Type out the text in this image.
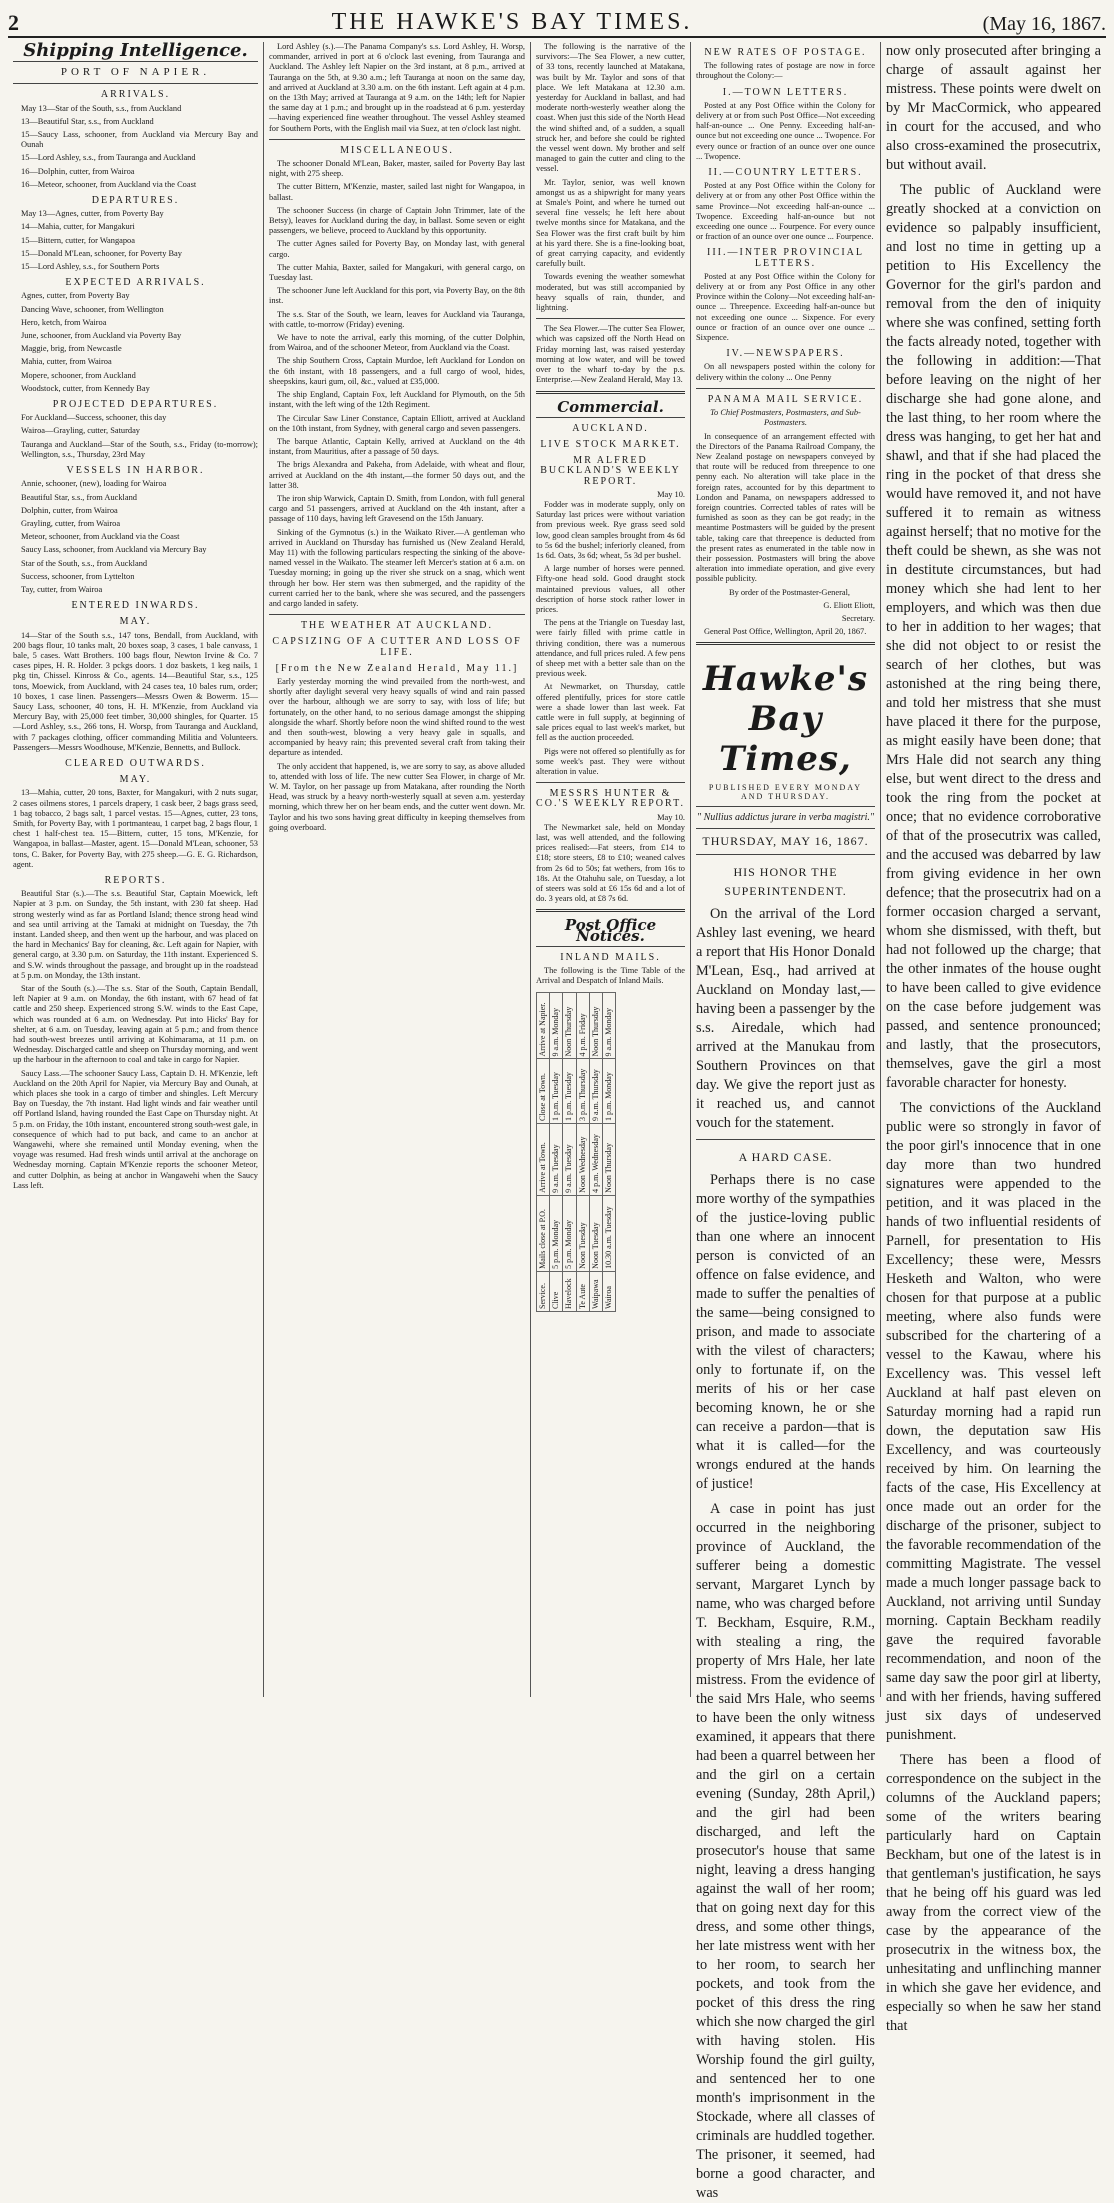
2	THE HAWKE'S BAY TIMES.	(May 16, 1867.
Shipping Intelligence.
PORT OF NAPIER.
ARRIVALS.

May 13—Star of the South, s.s., from Auckland

13—Beautiful Star, s.s., from Auckland

15—Saucy Lass, schooner, from Auckland via Mercury Bay and Ounah

15—Lord Ashley, s.s., from Tauranga and Auckland

16—Dolphin, cutter, from Wairoa

16—Meteor, schooner, from Auckland via the Coast

DEPARTURES.

May 13—Agnes, cutter, from Poverty Bay

14—Mahia, cutter, for Mangakuri

15—Bittern, cutter, for Wangapoa

15—Donald M'Lean, schooner, for Poverty Bay

15—Lord Ashley, s.s., for Southern Ports

EXPECTED ARRIVALS.

Agnes, cutter, from Poverty Bay

Dancing Wave, schooner, from Wellington

Hero, ketch, from Wairoa

June, schooner, from Auckland via Poverty Bay

Maggie, brig, from Newcastle

Mahia, cutter, from Wairoa

Mopere, schooner, from Auckland

Woodstock, cutter, from Kennedy Bay

PROJECTED DEPARTURES.

For Auckland—Success, schooner, this day

Wairoa—Grayling, cutter, Saturday

Tauranga and Auckland—Star of the South, s.s., Friday (to-morrow); Wellington, s.s., Thursday, 23rd May

VESSELS IN HARBOR.

Annie, schooner, (new), loading for Wairoa

Beautiful Star, s.s., from Auckland

Dolphin, cutter, from Wairoa

Grayling, cutter, from Wairoa

Meteor, schooner, from Auckland via the Coast

Saucy Lass, schooner, from Auckland via Mercury Bay

Star of the South, s.s., from Auckland

Success, schooner, from Lyttelton

Tay, cutter, from Wairoa

ENTERED INWARDS.
MAY.

14—Star of the South s.s., 147 tons, Bendall, from Auckland, with 200 bags flour, 10 tanks malt, 20 boxes soap, 3 cases, 1 bale canvass, 1 bale, 5 cases. Watt Brothers. 100 bags flour, Newton Irvine & Co. 7 cases pipes, H. R. Holder. 3 pckgs doors. 1 doz baskets, 1 keg nails, 1 pkg tin, Chissel. Kinross & Co., agents. 14—Beautiful Star, s.s., 125 tons, Moewick, from Auckland, with 24 cases tea, 10 bales rum, order; 10 boxes, 1 case linen. Passengers—Messrs Owen & Bowerm. 15—Saucy Lass, schooner, 40 tons, H. H. M'Kenzie, from Auckland via Mercury Bay, with 25,000 feet timber, 30,000 shingles, for Quarter. 15—Lord Ashley, s.s., 266 tons, H. Worsp, from Tauranga and Auckland, with 7 packages clothing, officer commanding Militia and Volunteers. Passengers—Messrs Woodhouse, M'Kenzie, Bennetts, and Bullock.

CLEARED OUTWARDS.
MAY.

13—Mahia, cutter, 20 tons, Baxter, for Mangakuri, with 2 nuts sugar, 2 cases oilmens stores, 1 parcels drapery, 1 cask beer, 2 bags grass seed, 1 bag tobacco, 2 bags salt, 1 parcel vestas. 15—Agnes, cutter, 23 tons, Smith, for Poverty Bay, with 1 portmanteau, 1 carpet bag, 2 bags flour, 1 chest 1 half-chest tea. 15—Bittern, cutter, 15 tons, M'Kenzie, for Wangapoa, in ballast—Master, agent. 15—Donald M'Lean, schooner, 53 tons, C. Baker, for Poverty Bay, with 275 sheep.—G. E. G. Richardson, agent.

REPORTS.

Beautiful Star (s.).—The s.s. Beautiful Star, Captain Moewick, left Napier at 3 p.m. on Sunday, the 5th instant, with 230 fat sheep. Had strong westerly wind as far as Portland Island; thence strong head wind and sea until arriving at the Tamaki at midnight on Tuesday, the 7th instant. Landed sheep, and then went up the harbour, and was placed on the hard in Mechanics' Bay for cleaning, &c. Left again for Napier, with general cargo, at 3.30 p.m. on Saturday, the 11th instant. Experienced S. and S.W. winds throughout the passage, and brought up in the roadstead at 5 p.m. on Monday, the 13th instant.

Star of the South (s.).—The s.s. Star of the South, Captain Bendall, left Napier at 9 a.m. on Monday, the 6th instant, with 67 head of fat cattle and 250 sheep. Experienced strong S.W. winds to the East Cape, which was rounded at 6 a.m. on Wednesday. Put into Hicks' Bay for shelter, at 6 a.m. on Tuesday, leaving again at 5 p.m.; and from thence had south-west breezes until arriving at Kohimarama, at 11 p.m. on Wednesday. Discharged cattle and sheep on Thursday morning, and went up the harbour in the afternoon to coal and take in cargo for Napier.

Saucy Lass.—The schooner Saucy Lass, Captain D. H. M'Kenzie, left Auckland on the 20th April for Napier, via Mercury Bay and Ounah, at which places she took in a cargo of timber and shingles. Left Mercury Bay on Tuesday, the 7th instant. Had light winds and fair weather until off Portland Island, having rounded the East Cape on Thursday night. At 5 p.m. on Friday, the 10th instant, encountered strong south-west gale, in consequence of which had to put back, and came to an anchor at Wangawehi, where she remained until Monday evening, when the voyage was resumed. Had fresh winds until arrival at the anchorage on Wednesday morning. Captain M'Kenzie reports the schooner Meteor, and cutter Dolphin, as being at anchor in Wangawehi when the Saucy Lass left.

Lord Ashley (s.).—The Panama Company's s.s. Lord Ashley, H. Worsp, commander, arrived in port at 6 o'clock last evening, from Tauranga and Auckland. The Ashley left Napier on the 3rd instant, at 8 p.m., arrived at Tauranga on the 5th, at 9.30 a.m.; left Tauranga at noon on the same day, and arrived at Auckland at 3.30 a.m. on the 6th instant. Left again at 4 p.m. on the 13th May; arrived at Tauranga at 9 a.m. on the 14th; left for Napier the same day at 1 p.m.; and brought up in the roadstead at 6 p.m. yesterday—having experienced fine weather throughout. The vessel Ashley steamed for Southern Ports, with the English mail via Suez, at ten o'clock last night.

MISCELLANEOUS.

The schooner Donald M'Lean, Baker, master, sailed for Poverty Bay last night, with 275 sheep.

The cutter Bittern, M'Kenzie, master, sailed last night for Wangapoa, in ballast.

The schooner Success (in charge of Captain John Trimmer, late of the Betsy), leaves for Auckland during the day, in ballast. Some seven or eight passengers, we believe, proceed to Auckland by this opportunity.

The cutter Agnes sailed for Poverty Bay, on Monday last, with general cargo.

The cutter Mahia, Baxter, sailed for Mangakuri, with general cargo, on Tuesday last.

The schooner June left Auckland for this port, via Poverty Bay, on the 8th inst.

The s.s. Star of the South, we learn, leaves for Auckland via Tauranga, with cattle, to-morrow (Friday) evening.

We have to note the arrival, early this morning, of the cutter Dolphin, from Wairoa, and of the schooner Meteor, from Auckland via the Coast.

The ship Southern Cross, Captain Murdoe, left Auckland for London on the 6th instant, with 18 passengers, and a full cargo of wool, hides, sheepskins, kauri gum, oil, &c., valued at £35,000.

The ship England, Captain Fox, left Auckland for Plymouth, on the 5th instant, with the left wing of the 12th Regiment.

The Circular Saw Liner Constance, Captain Elliott, arrived at Auckland on the 10th instant, from Sydney, with general cargo and seven passengers.

The barque Atlantic, Captain Kelly, arrived at Auckland on the 4th instant, from Mauritius, after a passage of 50 days.

The brigs Alexandra and Pakeha, from Adelaide, with wheat and flour, arrived at Auckland on the 4th instant,—the former 50 days out, and the latter 38.

The iron ship Warwick, Captain D. Smith, from London, with full general cargo and 51 passengers, arrived at Auckland on the 4th instant, after a passage of 110 days, having left Gravesend on the 15th January.

Sinking of the Gymnotus (s.) in the Waikato River.—A gentleman who arrived in Auckland on Thursday has furnished us (New Zealand Herald, May 11) with the following particulars respecting the sinking of the above-named vessel in the Waikato. The steamer left Mercer's station at 6 a.m. on Tuesday morning; in going up the river she struck on a snag, which went through her bow. Her stern was then submerged, and the rapidity of the current carried her to the bank, where she was secured, and the passengers and cargo landed in safety.

THE WEATHER AT AUCKLAND.
CAPSIZING OF A CUTTER AND LOSS OF LIFE.
[From the New Zealand Herald, May 11.]

Early yesterday morning the wind prevailed from the north-west, and shortly after daylight several very heavy squalls of wind and rain passed over the harbour, although we are sorry to say, with loss of life; but fortunately, on the other hand, to no serious damage amongst the shipping alongside the wharf. Shortly before noon the wind shifted round to the west and then south-west, blowing a very heavy gale in squalls, and accompanied by heavy rain; this prevented several craft from taking their departure as intended.

The only accident that happened, is, we are sorry to say, as above alluded to, attended with loss of life. The new cutter Sea Flower, in charge of Mr. W. M. Taylor, on her passage up from Matakana, after rounding the North Head, was struck by a heavy north-westerly squall at seven a.m. yesterday morning, which threw her on her beam ends, and the cutter went down. Mr. Taylor and his two sons having great difficulty in keeping themselves from going overboard.

The following is the narrative of the survivors:—The Sea Flower, a new cutter, of 33 tons, recently launched at Matakana, was built by Mr. Taylor and sons of that place. We left Matakana at 12.30 a.m. yesterday for Auckland in ballast, and had moderate north-westerly weather along the coast. When just this side of the North Head the wind shifted and, of a sudden, a squall struck her, and before she could be righted the vessel went down. My brother and self managed to gain the cutter and cling to the vessel.

Mr. Taylor, senior, was well known amongst us as a shipwright for many years at Smale's Point, and where he turned out several fine vessels; he left here about twelve months since for Matakana, and the Sea Flower was the first craft built by him at his yard there. She is a fine-looking boat, of great carrying capacity, and evidently carefully built.

Towards evening the weather somewhat moderated, but was still accompanied by heavy squalls of rain, thunder, and lightning.

The Sea Flower.—The cutter Sea Flower, which was capsized off the North Head on Friday morning last, was raised yesterday morning at low water, and will be towed over to the wharf to-day by the p.s. Enterprise.—New Zealand Herald, May 13.

Commercial.
AUCKLAND.
LIVE STOCK MARKET.
MR ALFRED BUCKLAND'S WEEKLY REPORT.
May 10.

Fodder was in moderate supply, only on Saturday last prices were without variation from previous week. Rye grass seed sold low, good clean samples brought from 4s 6d to 5s 6d the bushel; inferiorly cleaned, from 1s 6d. Oats, 3s 6d; wheat, 5s 3d per bushel.

A large number of horses were penned. Fifty-one head sold. Good draught stock maintained previous values, all other description of horse stock rather lower in prices.

The pens at the Triangle on Tuesday last, were fairly filled with prime cattle in thriving condition, there was a numerous attendance, and full prices ruled. A few pens of sheep met with a better sale than on the previous week.

At Newmarket, on Thursday, cattle offered plentifully, prices for store cattle were a shade lower than last week. Fat cattle were in full supply, at beginning of sale prices equal to last week's market, but fell as the auction proceeded.

Pigs were not offered so plentifully as for some week's past. They were without alteration in value.

MESSRS HUNTER & CO.'S WEEKLY REPORT.
May 10.

The Newmarket sale, held on Monday last, was well attended, and the following prices realised:—Fat steers, from £14 to £18; store steers, £8 to £10; weaned calves from 2s 6d to 50s; fat wethers, from 16s to 18s. At the Otahuhu sale, on Tuesday, a lot of steers was sold at £6 15s 6d and a lot of do. 3 years old, at £8 7s 6d.

Post Office Notices.
INLAND MAILS.

The following is the Time Table of the Arrival and Despatch of Inland Mails.

Service.	Mails close at P.O.	Arrive at Town.	Close at Town.	Arrive at Napier.
Clive	5 p.m. Monday	9 a.m. Tuesday	1 p.m. Tuesday	9 a.m. Monday
Havelock	5 p.m. Monday	9 a.m. Tuesday	1 p.m. Tuesday	Noon Thursday
Te Aute	Noon Tuesday	Noon Wednesday	3 p.m. Thursday	4 p.m. Friday
Waipawa	Noon Tuesday	4 p.m. Wednesday	9 a.m. Thursday	Noon Thursday
Wairoa	10.30 a.m. Tuesday	Noon Thursday	1 p.m. Monday	9 a.m. Monday
NEW RATES OF POSTAGE.

The following rates of postage are now in force throughout the Colony:—

I.—TOWN LETTERS.

Posted at any Post Office within the Colony for delivery at or from such Post Office—Not exceeding half-an-ounce ... One Penny. Exceeding half-an-ounce but not exceeding one ounce ... Twopence. For every ounce or fraction of an ounce over one ounce ... Twopence.

II.—COUNTRY LETTERS.

Posted at any Post Office within the Colony for delivery at or from any other Post Office within the same Province—Not exceeding half-an-ounce ... Twopence. Exceeding half-an-ounce but not exceeding one ounce ... Fourpence. For every ounce or fraction of an ounce over one ounce ... Fourpence.

III.—INTER PROVINCIAL LETTERS.

Posted at any Post Office within the Colony for delivery at or from any Post Office in any other Province within the Colony—Not exceeding half-an-ounce ... Threepence. Exceeding half-an-ounce but not exceeding one ounce ... Sixpence. For every ounce or fraction of an ounce over one ounce ... Sixpence.

IV.—NEWSPAPERS.

On all newspapers posted within the colony for delivery within the colony ... One Penny

PANAMA MAIL SERVICE.

To Chief Postmasters, Postmasters, and Sub-Postmasters.

In consequence of an arrangement effected with the Directors of the Panama Railroad Company, the New Zealand postage on newspapers conveyed by that route will be reduced from threepence to one penny each. No alteration will take place in the foreign rates, accounted for by this department to London and Panama, on newspapers addressed to foreign countries. Corrected tables of rates will be furnished as soon as they can be got ready; in the meantime Postmasters will be guided by the present table, taking care that threepence is deducted from the present rates as enumerated in the table now in their possession. Postmasters will bring the above alteration into immediate operation, and give every possible publicity.

By order of the Postmaster-General,

G. Eliott Eliott,

Secretary.

General Post Office, Wellington, April 20, 1867.

Hawke's Bay Times,
PUBLISHED EVERY MONDAY AND THURSDAY.
" Nullius addictus jurare in verba magistri."
THURSDAY, MAY 16, 1867.
HIS HONOR THE SUPERINTENDENT.

On the arrival of the Lord Ashley last evening, we heard a report that His Honor Donald M'Lean, Esq., had arrived at Auckland on Monday last,—having been a passenger by the s.s. Airedale, which had arrived at the Manukau from Southern Provinces on that day. We give the report just as it reached us, and cannot vouch for the statement.

A HARD CASE.

Perhaps there is no case more worthy of the sympathies of the justice-loving public than one where an innocent person is convicted of an offence on false evidence, and made to suffer the penalties of the same—being consigned to prison, and made to associate with the vilest of characters; only to fortunate if, on the merits of his or her case becoming known, he or she can receive a pardon—that is what it is called—for the wrongs endured at the hands of justice!

A case in point has just occurred in the neighboring province of Auckland, the sufferer being a domestic servant, Margaret Lynch by name, who was charged before T. Beckham, Esquire, R.M., with stealing a ring, the property of Mrs Hale, her late mistress. From the evidence of the said Mrs Hale, who seems to have been the only witness examined, it appears that there had been a quarrel between her and the girl on a certain evening (Sunday, 28th April,) and the girl had been discharged, and left the prosecutor's house that same night, leaving a dress hanging against the wall of her room; that on going next day for this dress, and some other things, her late mistress went with her to her room, to search her pockets, and took from the pocket of this dress the ring which she now charged the girl with having stolen. His Worship found the girl guilty, and sentenced her to one month's imprisonment in the Stockade, where all classes of criminals are huddled together. The prisoner, it seemed, had borne a good character, and was

now only prosecuted after bringing a charge of assault against her mistress. These points were dwelt on by Mr MacCormick, who appeared in court for the accused, and who also cross-examined the prosecutrix, but without avail.

The public of Auckland were greatly shocked at a conviction on evidence so palpably insufficient, and lost no time in getting up a petition to His Excellency the Governor for the girl's pardon and removal from the den of iniquity where she was confined, setting forth the facts already noted, together with the following in addition:—That before leaving on the night of her discharge she had gone alone, and the last thing, to her room where the dress was hanging, to get her hat and shawl, and that if she had placed the ring in the pocket of that dress she would have removed it, and not have suffered it to remain as witness against herself; that no motive for the theft could be shewn, as she was not in destitute circumstances, but had money which she had lent to her employers, and which was then due to her in addition to her wages; that she did not object to or resist the search of her clothes, but was astonished at the ring being there, and told her mistress that she must have placed it there for the purpose, as might easily have been done; that Mrs Hale did not search any thing else, but went direct to the dress and took the ring from the pocket at once; that no evidence corroborative of that of the prosecutrix was called, and the accused was debarred by law from giving evidence in her own defence; that the prosecutrix had on a former occasion charged a servant, whom she dismissed, with theft, but had not followed up the charge; that the other inmates of the house ought to have been called to give evidence on the case before judgement was passed, and sentence pronounced; and lastly, that the prosecutors, themselves, gave the girl a most favorable character for honesty.

The convictions of the Auckland public were so strongly in favor of the poor girl's innocence that in one day more than two hundred signatures were appended to the petition, and it was placed in the hands of two influential residents of Parnell, for presentation to His Excellency; these were, Messrs Hesketh and Walton, who were chosen for that purpose at a public meeting, where also funds were subscribed for the chartering of a vessel to the Kawau, where his Excellency was. This vessel left Auckland at half past eleven on Saturday morning had a rapid run down, the deputation saw His Excellency, and was courteously received by him. On learning the facts of the case, His Excellency at once made out an order for the discharge of the prisoner, subject to the favorable recommendation of the committing Magistrate. The vessel made a much longer passage back to Auckland, not arriving until Sunday morning. Captain Beckham readily gave the required favorable recommendation, and noon of the same day saw the poor girl at liberty, and with her friends, having suffered just six days of undeserved punishment.

There has been a flood of correspondence on the subject in the columns of the Auckland papers; some of the writers bearing particularly hard on Captain Beckham, but one of the latest is in that gentleman's justification, he says that he being off his guard was led away from the correct view of the case by the appearance of the prosecutrix in the witness box, the unhesitating and unflinching manner in which she gave her evidence, and especially so when he saw her stand that
